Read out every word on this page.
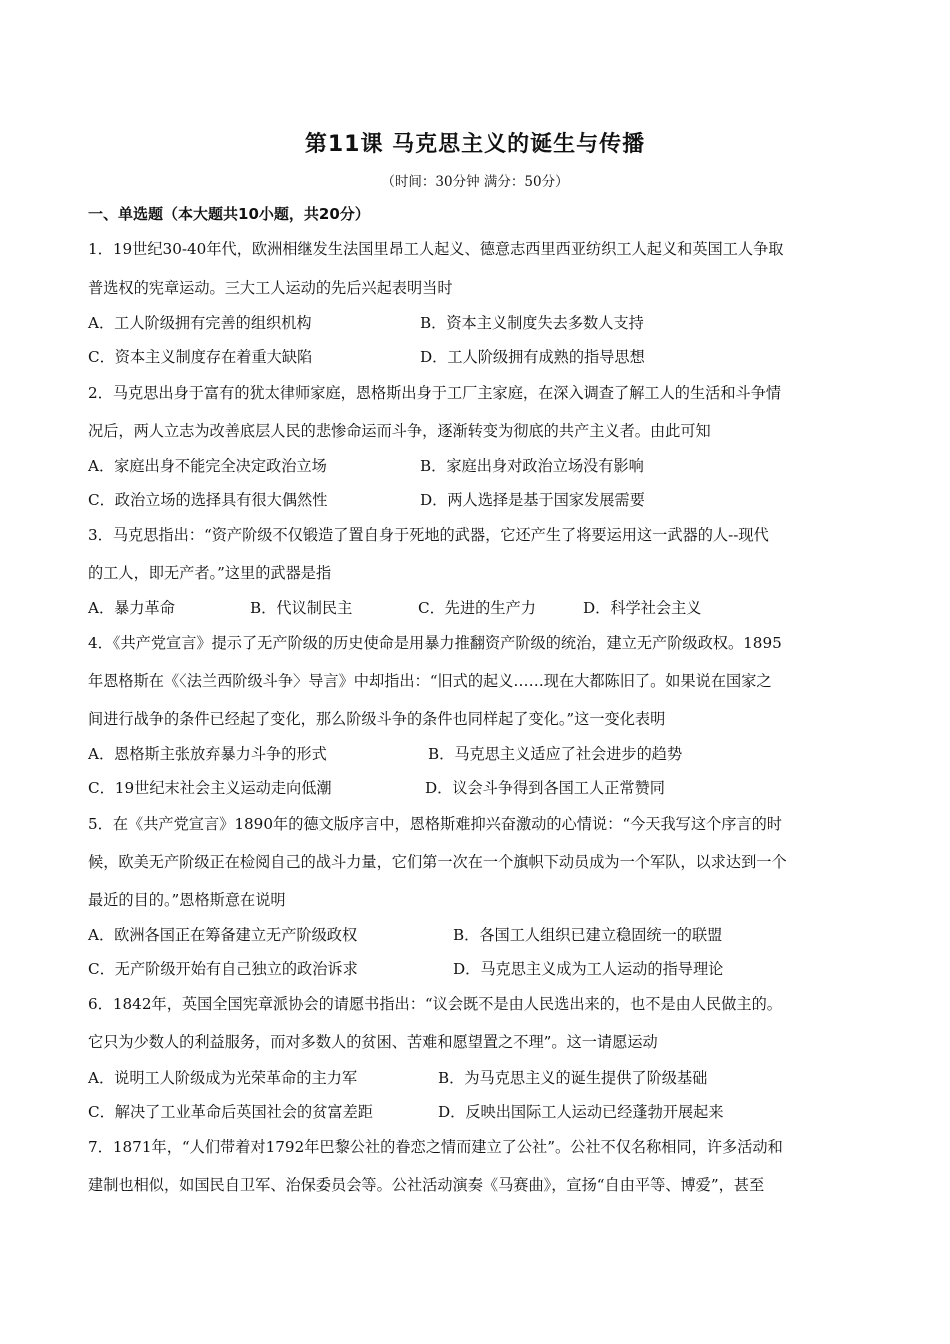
第11课 马克思主义的诞生与传播
（时间：30分钟 满分：50分）
一、单选题（本大题共10小题，共20分）
1．19世纪30-40年代，欧洲相继发生法国里昂工人起义、德意志西里西亚纺织工人起义和英国工人争取
普选权的宪章运动。三大工人运动的先后兴起表明当时
A．工人阶级拥有完善的组织机构	B．资本主义制度失去多数人支持
C．资本主义制度存在着重大缺陷	D．工人阶级拥有成熟的指导思想
2．马克思出身于富有的犹太律师家庭，恩格斯出身于工厂主家庭，在深入调查了解工人的生活和斗争情
况后，两人立志为改善底层人民的悲惨命运而斗争，逐渐转变为彻底的共产主义者。由此可知
A．家庭出身不能完全决定政治立场	B．家庭出身对政治立场没有影响
C．政治立场的选择具有很大偶然性	D．两人选择是基于国家发展需要
3．马克思指出：“资产阶级不仅锻造了置自身于死地的武器，它还产生了将要运用这一武器的人--现代
的工人，即无产者。”这里的武器是指
A．暴力革命	B．代议制民主	C．先进的生产力	D．科学社会主义
4．《共产党宣言》提示了无产阶级的历史使命是用暴力推翻资产阶级的统治，建立无产阶级政权。1895
年恩格斯在《〈法兰西阶级斗争〉导言》中却指出：“旧式的起义……现在大都陈旧了。如果说在国家之
间进行战争的条件已经起了变化，那么阶级斗争的条件也同样起了变化。”这一变化表明
A．恩格斯主张放弃暴力斗争的形式	B．马克思主义适应了社会进步的趋势
C．19世纪末社会主义运动走向低潮	D．议会斗争得到各国工人正常赞同
5．在《共产党宣言》1890年的德文版序言中，恩格斯难抑兴奋激动的心情说：“今天我写这个序言的时
候，欧美无产阶级正在检阅自己的战斗力量，它们第一次在一个旗帜下动员成为一个军队，以求达到一个
最近的目的。”恩格斯意在说明
A．欧洲各国正在筹备建立无产阶级政权	B．各国工人组织已建立稳固统一的联盟
C．无产阶级开始有自己独立的政治诉求	D．马克思主义成为工人运动的指导理论
6．1842年，英国全国宪章派协会的请愿书指出：“议会既不是由人民选出来的，也不是由人民做主的。
它只为少数人的利益服务，而对多数人的贫困、苦难和愿望置之不理”。这一请愿运动
A．说明工人阶级成为光荣革命的主力军	B．为马克思主义的诞生提供了阶级基础
C．解决了工业革命后英国社会的贫富差距	D．反映出国际工人运动已经蓬勃开展起来
7．1871年，“人们带着对1792年巴黎公社的眷恋之情而建立了公社”。公社不仅名称相同，许多活动和
建制也相似，如国民自卫军、治保委员会等。公社活动演奏《马赛曲》，宣扬“自由平等、博爱”，甚至
